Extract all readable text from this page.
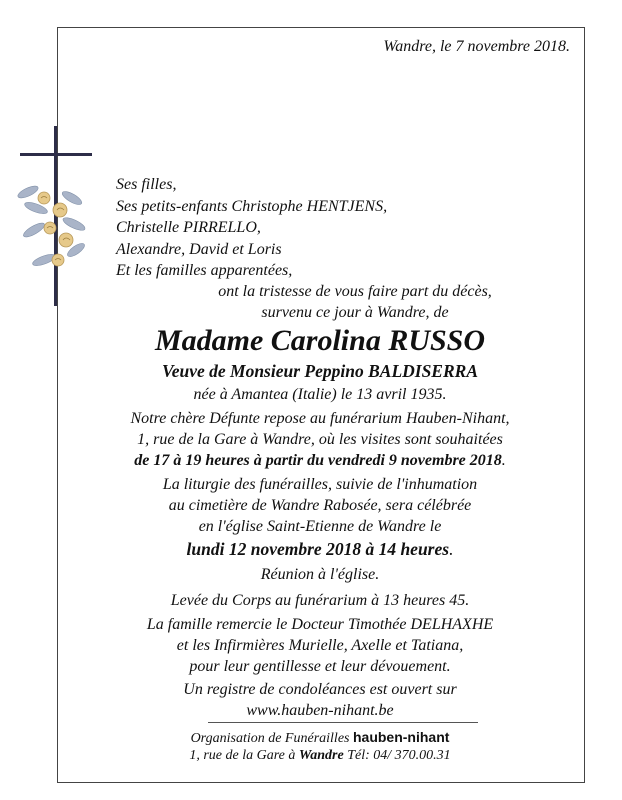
Wandre, le 7 novembre 2018.
Ses filles,
Ses petits-enfants Christophe HENTJENS,
Christelle PIRRELLO,
Alexandre, David et Loris
Et les familles apparentées,
ont la tristesse de vous faire part du décès,
survenu ce jour à Wandre, de
Madame Carolina RUSSO
Veuve de Monsieur Peppino BALDISERRA
née à Amantea (Italie) le 13 avril 1935.
Notre chère Défunte repose au funérarium Hauben-Nihant,
1, rue de la Gare à Wandre, où les visites sont souhaitées
de 17 à 19 heures à partir du vendredi 9 novembre 2018.
La liturgie des funérailles, suivie de l'inhumation
au cimetière de Wandre Rabosée, sera célébrée
en l'église Saint-Etienne de Wandre le
lundi 12 novembre 2018 à 14 heures.
Réunion à l'église.
Levée du Corps au funérarium à 13 heures 45.
La famille remercie le Docteur Timothée DELHAXHE
et les Infirmières Murielle, Axelle et Tatiana,
pour leur gentillesse et leur dévouement.
Un registre de condoléances est ouvert sur
www.hauben-nihant.be
Organisation de Funérailles hauben-nihant
1, rue de la Gare à Wandre Tél: 04/ 370.00.31
